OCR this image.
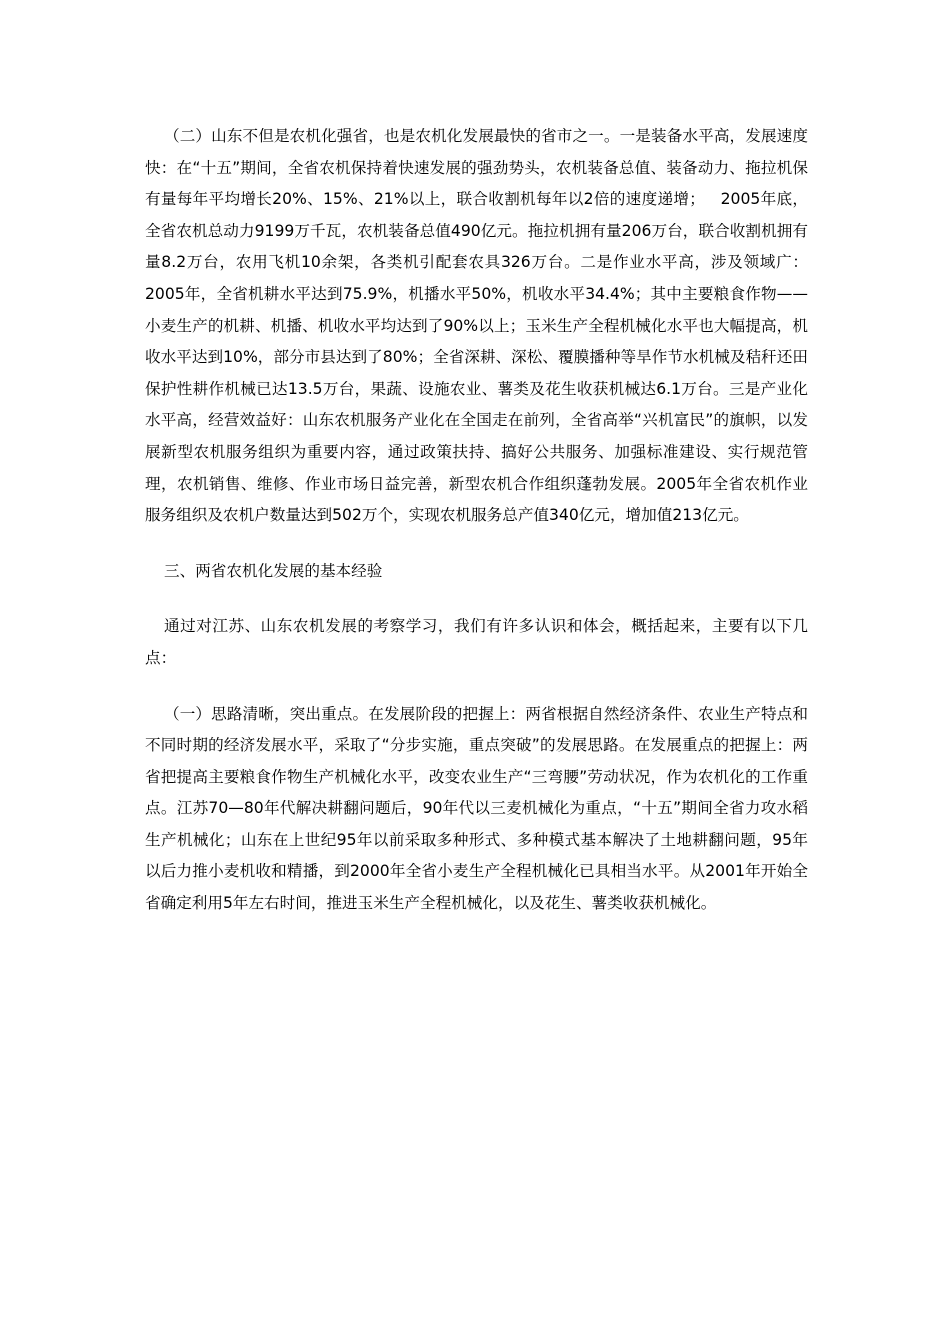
（二）山东不但是农机化强省，也是农机化发展最快的省市之一。一是装备水平高，发展速度快：在“十五”期间，全省农机保持着快速发展的强劲势头，农机装备总值、装备动力、拖拉机保有量每年平均增长20%、15%、21%以上，联合收割机每年以2倍的速度递增；   2005年底，全省农机总动力9199万千瓦，农机装备总值490亿元。拖拉机拥有量206万台，联合收割机拥有量8.2万台，农用飞机10余架，各类机引配套农具326万台。二是作业水平高，涉及领域广：2005年，全省机耕水平达到75.9%，机播水平50%，机收水平34.4%；其中主要粮食作物——小麦生产的机耕、机播、机收水平均达到了90%以上；玉米生产全程机械化水平也大幅提高，机收水平达到10%，部分市县达到了80%；全省深耕、深松、覆膜播种等旱作节水机械及秸秆还田保护性耕作机械已达13.5万台，果蔬、设施农业、薯类及花生收获机械达6.1万台。三是产业化水平高，经营效益好：山东农机服务产业化在全国走在前列，全省高举“兴机富民”的旗帜，以发展新型农机服务组织为重要内容，通过政策扶持、搞好公共服务、加强标准建设、实行规范管理，农机销售、维修、作业市场日益完善，新型农机合作组织蓬勃发展。2005年全省农机作业服务组织及农机户数量达到502万个，实现农机服务总产值340亿元，增加值213亿元。

三、两省农机化发展的基本经验

通过对江苏、山东农机发展的考察学习，我们有许多认识和体会，概括起来，主要有以下几点：

（一）思路清晰，突出重点。在发展阶段的把握上：两省根据自然经济条件、农业生产特点和不同时期的经济发展水平，采取了“分步实施，重点突破”的发展思路。在发展重点的把握上：两省把提高主要粮食作物生产机械化水平，改变农业生产“三弯腰”劳动状况，作为农机化的工作重点。江苏70—80年代解决耕翻问题后，90年代以三麦机械化为重点，“十五”期间全省力攻水稻生产机械化；山东在上世纪95年以前采取多种形式、多种模式基本解决了土地耕翻问题，95年以后力推小麦机收和精播，到2000年全省小麦生产全程机械化已具相当水平。从2001年开始全省确定利用5年左右时间，推进玉米生产全程机械化，以及花生、薯类收获机械化。
